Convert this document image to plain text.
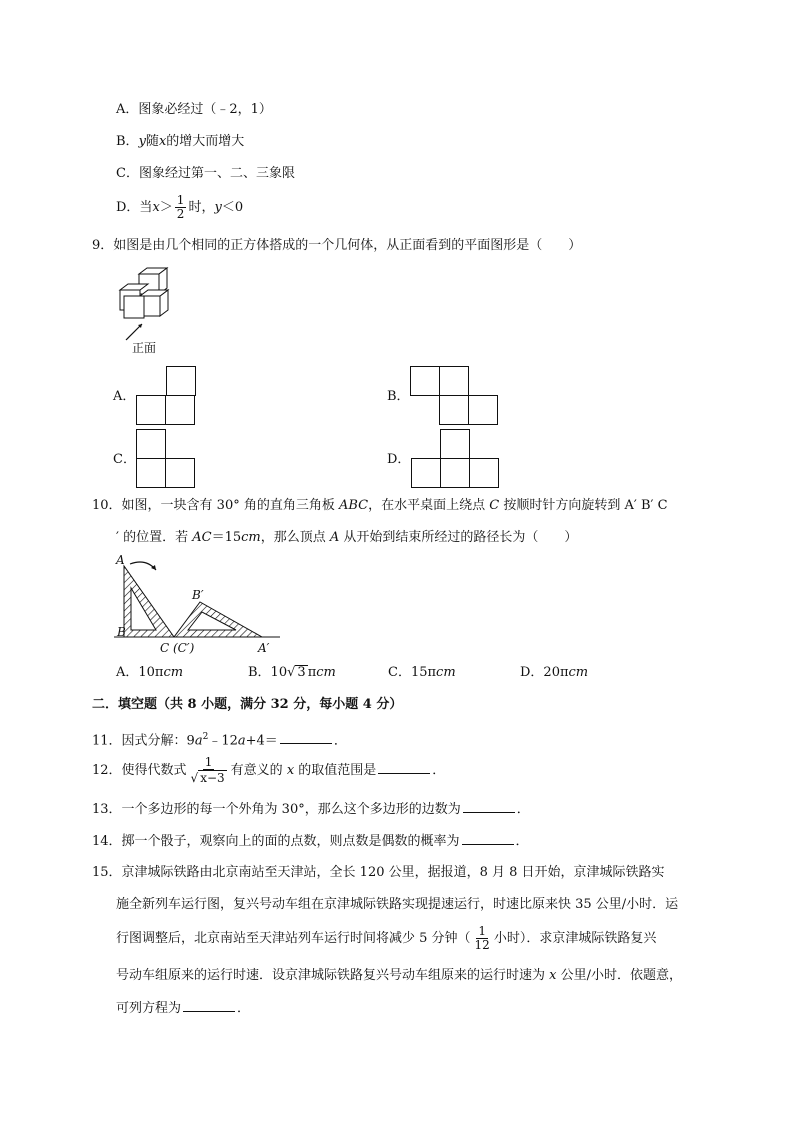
A．图象必经过（﹣2，1）
B．y随x的增大而增大
C．图象经过第一、二、三象限
D．当$x> \frac{1}{2}$ 时，y＜0
9．如图是由几个相同的正方体搭成的一个几何体，从正面看到的平面图形是（　　）
正面
A．	B．
C．	D．
10．如图，一块含有 30° 角的直角三角板 ABC，在水平桌面上绕点 C 按顺时针方向旋转到 A′ B′ C
′ 的位置．若 AC＝15cm，那么顶点 A 从开始到结束所经过的路径长为（　　）
A
B
B′
C (C′)	A′
A．10πcm	B．10√ 3 πcm	C．15πcm	D．20πcm
二．填空题（共 8 小题，满分 32 分，每小题 4 分）
11．因式分解：$9a^2﹣12a+4=$	．
12．使得代数式 $\frac{1}{√ x-3}$ 有意义的 x 的取值范围是	．
13．一个多边形的每一个外角为 30°，那么这个多边形的边数为	．
14．掷一个骰子，观察向上的面的点数，则点数是偶数的概率为	．
15．京津城际铁路由北京南站至天津站，全长 120 公里，据报道，8 月 8 日开始，京津城际铁路实
施全新列车运行图，复兴号动车组在京津城际铁路实现提速运行，时速比原来快 35 公里/小时．运
行图调整后，北京南站至天津站列车运行时间将减少 5 分钟（ $\frac{1}{12}$ 小时）．求京津城际铁路复兴
号动车组原来的运行时速．设京津城际铁路复兴号动车组原来的运行时速为 x 公里/小时．依题意，
可列方程为	．
